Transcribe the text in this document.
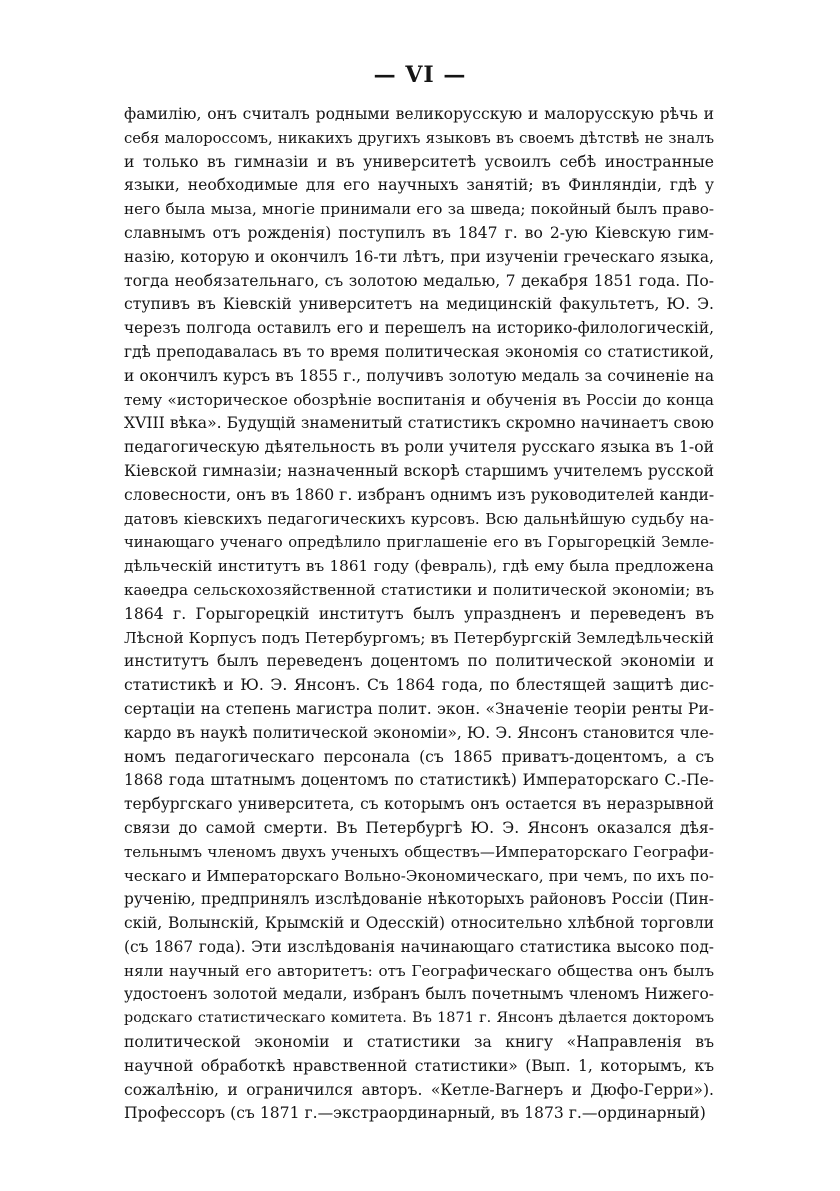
— VI —
фамилію, онъ считалъ родными великорусскую и малорусскую рѣчь и
себя малороссомъ, никакихъ другихъ языковъ въ своемъ дѣтствѣ не зналъ
и только въ гимназіи и въ университетѣ усвоилъ себѣ иностранные
языки, необходимые для его научныхъ занятій; въ Финляндіи, гдѣ у
него была мыза, многіе принимали его за шведа; покойный былъ право-
славнымъ отъ рожденія) поступилъ въ 1847 г. во 2-ую Кіевскую гим-
назію, которую и окончилъ 16-ти лѣтъ, при изученіи греческаго языка,
тогда необязательнаго, съ золотою медалью, 7 декабря 1851 года. По-
ступивъ въ Кіевскій университетъ на медицинскій факультетъ, Ю. Э.
черезъ полгода оставилъ его и перешелъ на историко-филологическій,
гдѣ преподавалась въ то время политическая экономія со статистикой,
и окончилъ курсъ въ 1855 г., получивъ золотую медаль за сочиненіе на
тему «историческое обозрѣніе воспитанія и обученія въ Россіи до конца
XVIII вѣка». Будущій знаменитый статистикъ скромно начинаетъ свою
педагогическую дѣятельность въ роли учителя русскаго языка въ 1-ой
Кіевской гимназіи; назначенный вскорѣ старшимъ учителемъ русской
словесности, онъ въ 1860 г. избранъ однимъ изъ руководителей канди-
датовъ кіевскихъ педагогическихъ курсовъ. Всю дальнѣйшую судьбу на-
чинающаго ученаго опредѣлило приглашеніе его въ Горыгорецкій Земле-
дѣльческій институтъ въ 1861 году (февраль), гдѣ ему была предложена
каѳедра сельскохозяйственной статистики и политической экономіи; въ
1864 г. Горыгорецкій институтъ былъ упраздненъ и переведенъ въ
Лѣсной Корпусъ подъ Петербургомъ; въ Петербургскій Земледѣльческій
институтъ былъ переведенъ доцентомъ по политической экономіи и
статистикѣ и Ю. Э. Янсонъ. Съ 1864 года, по блестящей защитѣ дис-
сертаціи на степень магистра полит. экон. «Значеніе теоріи ренты Ри-
кардо въ наукѣ политической экономіи», Ю. Э. Янсонъ становится чле-
номъ педагогическаго персонала (съ 1865 приватъ-доцентомъ, а съ
1868 года штатнымъ доцентомъ по статистикѣ) Императорскаго С.-Пе-
тербургскаго университета, съ которымъ онъ остается въ неразрывной
связи до самой смерти. Въ Петербургѣ Ю. Э. Янсонъ оказался дѣя-
тельнымъ членомъ двухъ ученыхъ обществъ—Императорскаго Географи-
ческаго и Императорскаго Вольно-Экономическаго, при чемъ, по ихъ по-
рученію, предпринялъ изслѣдованіе нѣкоторыхъ районовъ Россіи (Пин-
скій, Волынскій, Крымскій и Одесскій) относительно хлѣбной торговли
(съ 1867 года). Эти изслѣдованія начинающаго статистика высоко под-
няли научный его авторитетъ: отъ Географическаго общества онъ былъ
удостоенъ золотой медали, избранъ былъ почетнымъ членомъ Нижего-
родскаго статистическаго комитета. Въ 1871 г. Янсонъ дѣлается докторомъ
политической экономіи и статистики за книгу «Направленія въ
научной обработкѣ нравственной статистики» (Вып. 1, которымъ, къ
сожалѣнію, и ограничился авторъ. «Кетле-Вагнеръ и Дюфо-Герри»).
Профессоръ (съ 1871 г.—экстраординарный, въ 1873 г.—ординарный)
